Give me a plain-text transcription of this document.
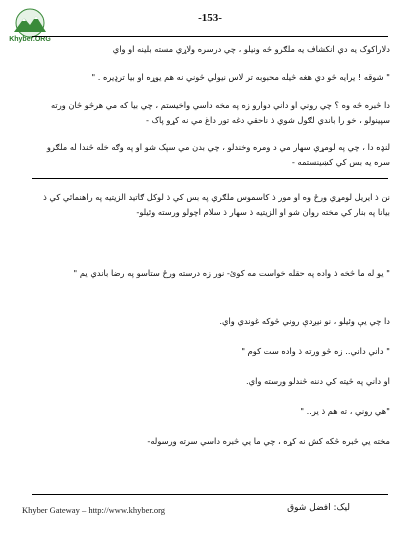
Khyber.ORG
-153-
دلاراکوک یه دي انکشاف یه ملګرو څه ونیلو ، چي درسره ولاړي مسته بلینه او واي
" شوقه ! یرایه څو دي هغه څیله محبوبه تر لاس نیولي څوني نه هم یوړه او بیا ترډیره . "
دا څبره څه وه ؟ چي روني او داني دوارو زه په مخه داسي واخیستم ، چي بیا که مي هرڅو څان ورته سپینولو ، خو را باندي لګول شوي ذ ناحقي دغه تور داغ مي نه کړو پاک -
لنډه دا ، چي په لومړي سهار مي د ومره وخندلو ، چي بدن مي سپک شو او په وګه خله څندا له ملګرو سره یه بس کي کښینستمه -
نن ذ ایریل لومړي ورځ وه او مور ذ کاسموس ملګري په بس کي ذ لوکل ګاتید الزیتيه په راهنمائي کي ذ بیانا په بنار کي مخته روان شو او الزیتيه ذ سهار ذ سلام اچولو ورسته وئیلو-
" یو له ما څخه ذ واده په حقله خواست مه کوئ- نور زه درسته ورځ ستاسو په رضا باندي یم "
دا چي یې وئیلو ، نو نیږدې روني څوکه غوندي واي.
" داني داني.. زه څو ورته ذ واده ست کوم "
او داني په څیته کي دننه څندلو ورسته واي.
"هي روني ، ته هم ذ ير.. "
مخته یي څبره څکه کش نه کړه ، چي ما یي څبره داسي سرته ورسوله-
Khyber Gateway – http://www.khyber.org	لیک: افضل شوق
